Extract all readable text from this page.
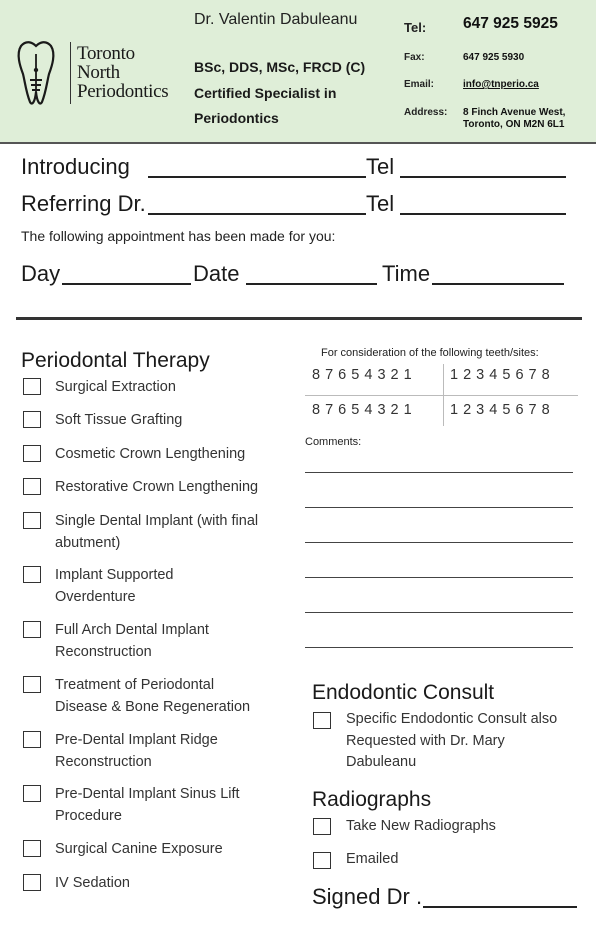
Toronto
North
Periodontics
Dr. Valentin Dabuleanu
BSc, DDS, MSc, FRCD (C)
Certified Specialist in
Periodontics
Tel: 647 925 5925
Fax:	647 925 5930
Email:	info@tnperio.ca
Address: 8 Finch Avenue West,
Toronto, ON M2N 6L1
Introducing	Tel
Referring Dr.	Tel
The following appointment has been made for you:
Day	Date	Time
Periodontal Therapy
Surgical Extraction
Soft Tissue Grafting
Cosmetic Crown Lengthening
Restorative Crown Lengthening
Single Dental Implant (with final
abutment)
Implant Supported
Overdenture
Full Arch Dental Implant
Reconstruction
Treatment of Periodontal
Disease & Bone Regeneration
Pre-Dental Implant Ridge
Reconstruction
Pre-Dental Implant Sinus Lift
Procedure
Surgical Canine Exposure
IV Sedation
For consideration of the following teeth/sites:
8 7 6 5 4 3 2 1	1 2 3 4 5 6 7 8
8 7 6 5 4 3 2 1	1 2 3 4 5 6 7 8
Comments:
Endodontic Consult
Specific Endodontic Consult also
Requested with Dr. Mary
Dabuleanu
Radiographs
Take New Radiographs
Emailed
Signed Dr .
